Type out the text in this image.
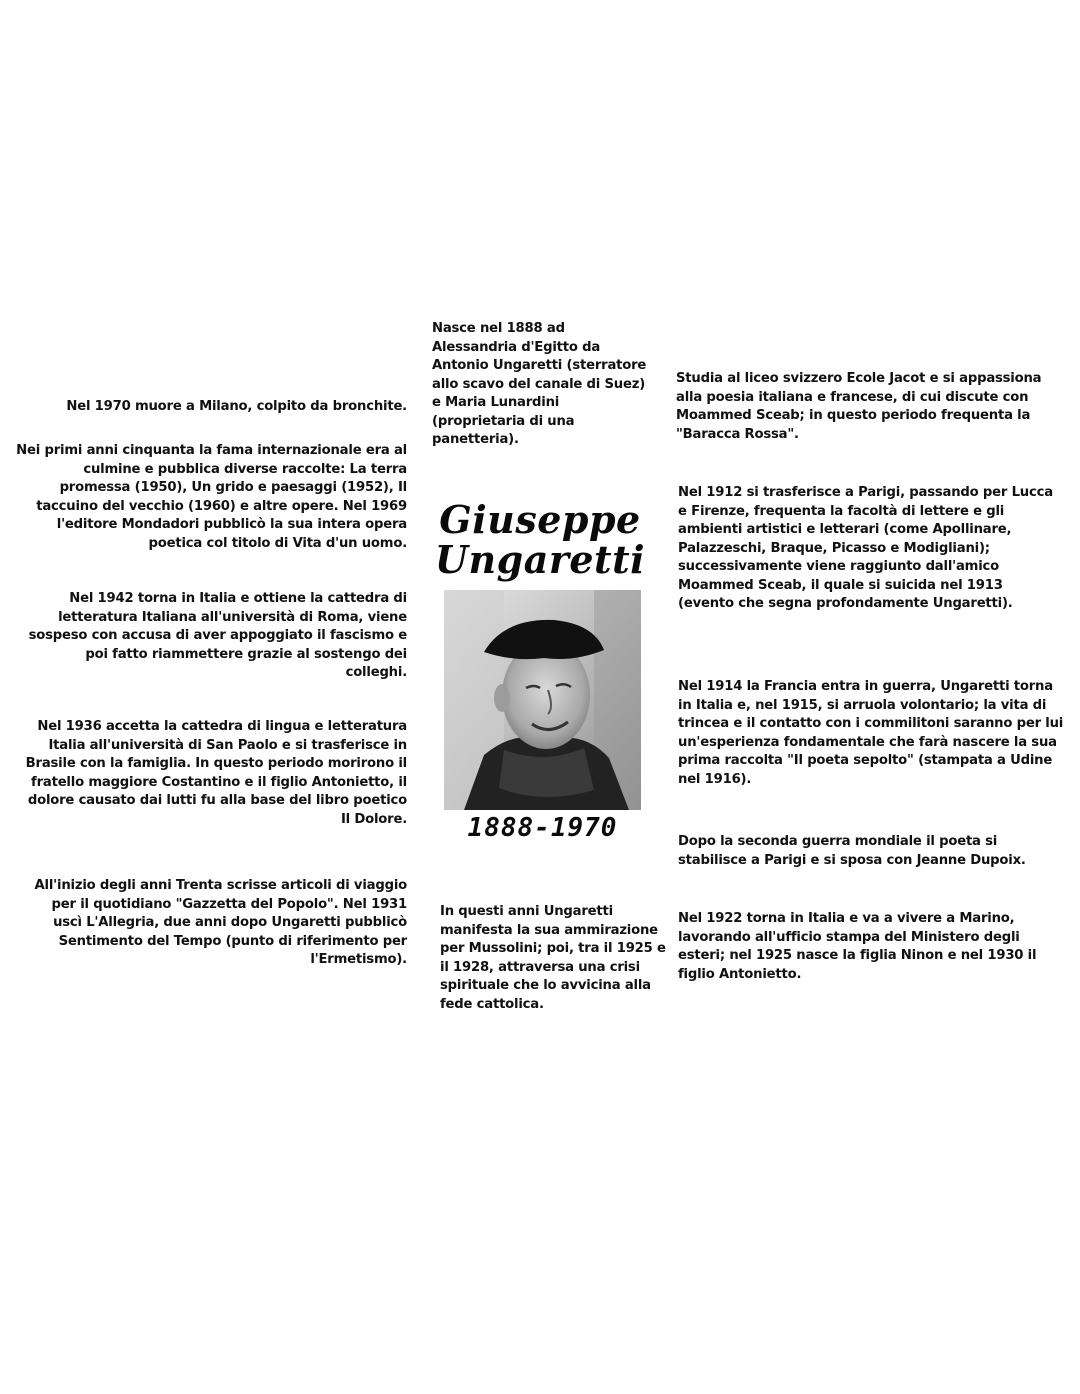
Nasce nel 1888 ad Alessandria d'Egitto da Antonio Ungaretti (sterratore allo scavo del canale di Suez) e Maria Lunardini (proprietaria di una panetteria).
Giuseppe
Ungaretti
1888-1970
In questi anni Ungaretti manifesta la sua ammirazione per Mussolini; poi, tra il 1925 e il 1928, attraversa una crisi spirituale che lo avvicina alla fede cattolica.
Nel 1970 muore a Milano, colpito da bronchite.
Nei primi anni cinquanta la fama internazionale era al culmine e pubblica diverse raccolte: La terra promessa (1950), Un grido e paesaggi (1952), Il taccuino del vecchio (1960) e altre opere. Nel 1969 l'editore Mondadori pubblicò la sua intera opera poetica col titolo di Vita d'un uomo.
Nel 1942 torna in Italia e ottiene la cattedra di letteratura Italiana all'università di Roma, viene sospeso con accusa di aver appoggiato il fascismo e poi fatto riammettere grazie al sostengo dei colleghi.
Nel 1936 accetta la cattedra di lingua e letteratura Italia all'università di San Paolo e si trasferisce in Brasile con la famiglia. In questo periodo morirono il fratello maggiore Costantino e il figlio Antonietto, il dolore causato dai lutti fu alla base del libro poetico Il Dolore.
All'inizio degli anni Trenta scrisse articoli di viaggio per il quotidiano "Gazzetta del Popolo". Nel 1931 uscì L'Allegria, due anni dopo Ungaretti pubblicò Sentimento del Tempo (punto di riferimento per l'Ermetismo).
Studia al liceo svizzero Ecole Jacot e si appassiona alla poesia italiana e francese, di cui discute con Moammed Sceab; in questo periodo frequenta la "Baracca Rossa".
Nel 1912 si trasferisce a Parigi, passando per Lucca e Firenze, frequenta la facoltà di lettere e gli ambienti artistici e letterari (come Apollinare, Palazzeschi, Braque, Picasso e Modigliani); successivamente viene raggiunto dall'amico Moammed Sceab, il quale si suicida nel 1913 (evento che segna profondamente Ungaretti).
Nel 1914 la Francia entra in guerra, Ungaretti torna in Italia e, nel 1915, si arruola volontario; la vita di trincea e il contatto con i commilitoni saranno per lui un'esperienza fondamentale che farà nascere la sua prima raccolta "Il poeta sepolto" (stampata a Udine nel 1916).
Dopo la seconda guerra mondiale il poeta si stabilisce a Parigi e si sposa con Jeanne Dupoix.
Nel 1922 torna in Italia e va a vivere a Marino, lavorando all'ufficio stampa del Ministero degli esteri; nel 1925 nasce la figlia Ninon e nel 1930 il figlio Antonietto.
